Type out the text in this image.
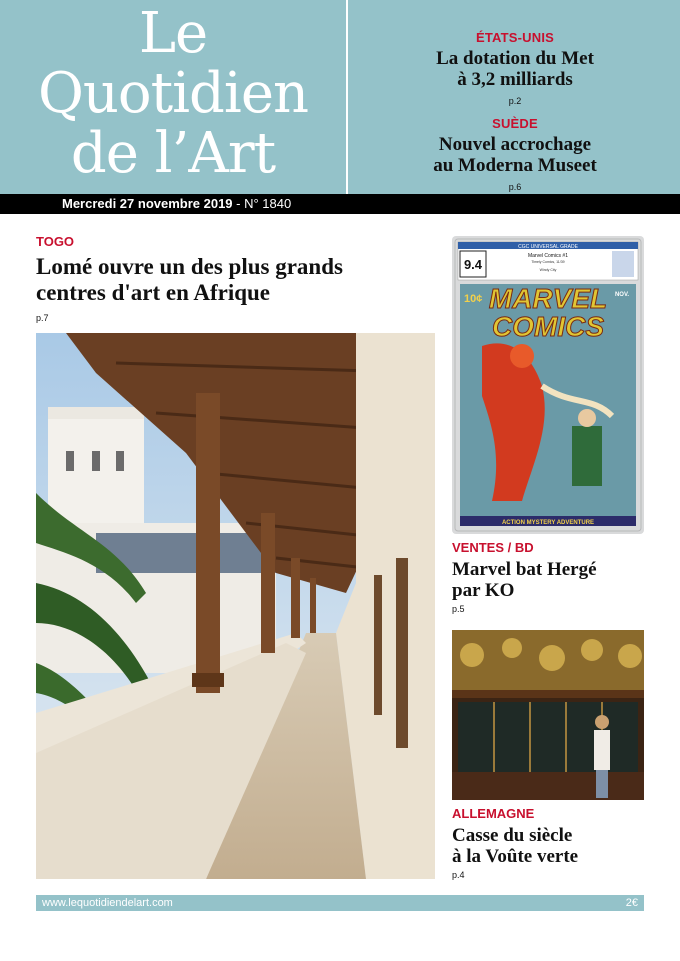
Le
Quotidien
de l’Art
ÉTATS-UNIS
La dotation du Met
à 3,2 milliards
p.2
SUÈDE
Nouvel accrochage
au Moderna Museet
p.6
Mercredi 27 novembre 2019 - N° 1840
TOGO
Lomé ouvre un des plus grands
centres d'art en Afrique
p.7
CGC UNIVERSAL GRADE
9.4
Marvel Comics #1
Timely Comics, 11/39
Windy City
10¢ MARVEL
COMICS
NOV.
ACTION MYSTERY ADVENTURE
VENTES / BD
Marvel bat Hergé
par KO
p.5
ALLEMAGNE
Casse du siècle
à la Voûte verte
p.4
www.lequotidiendelart.com	2€
